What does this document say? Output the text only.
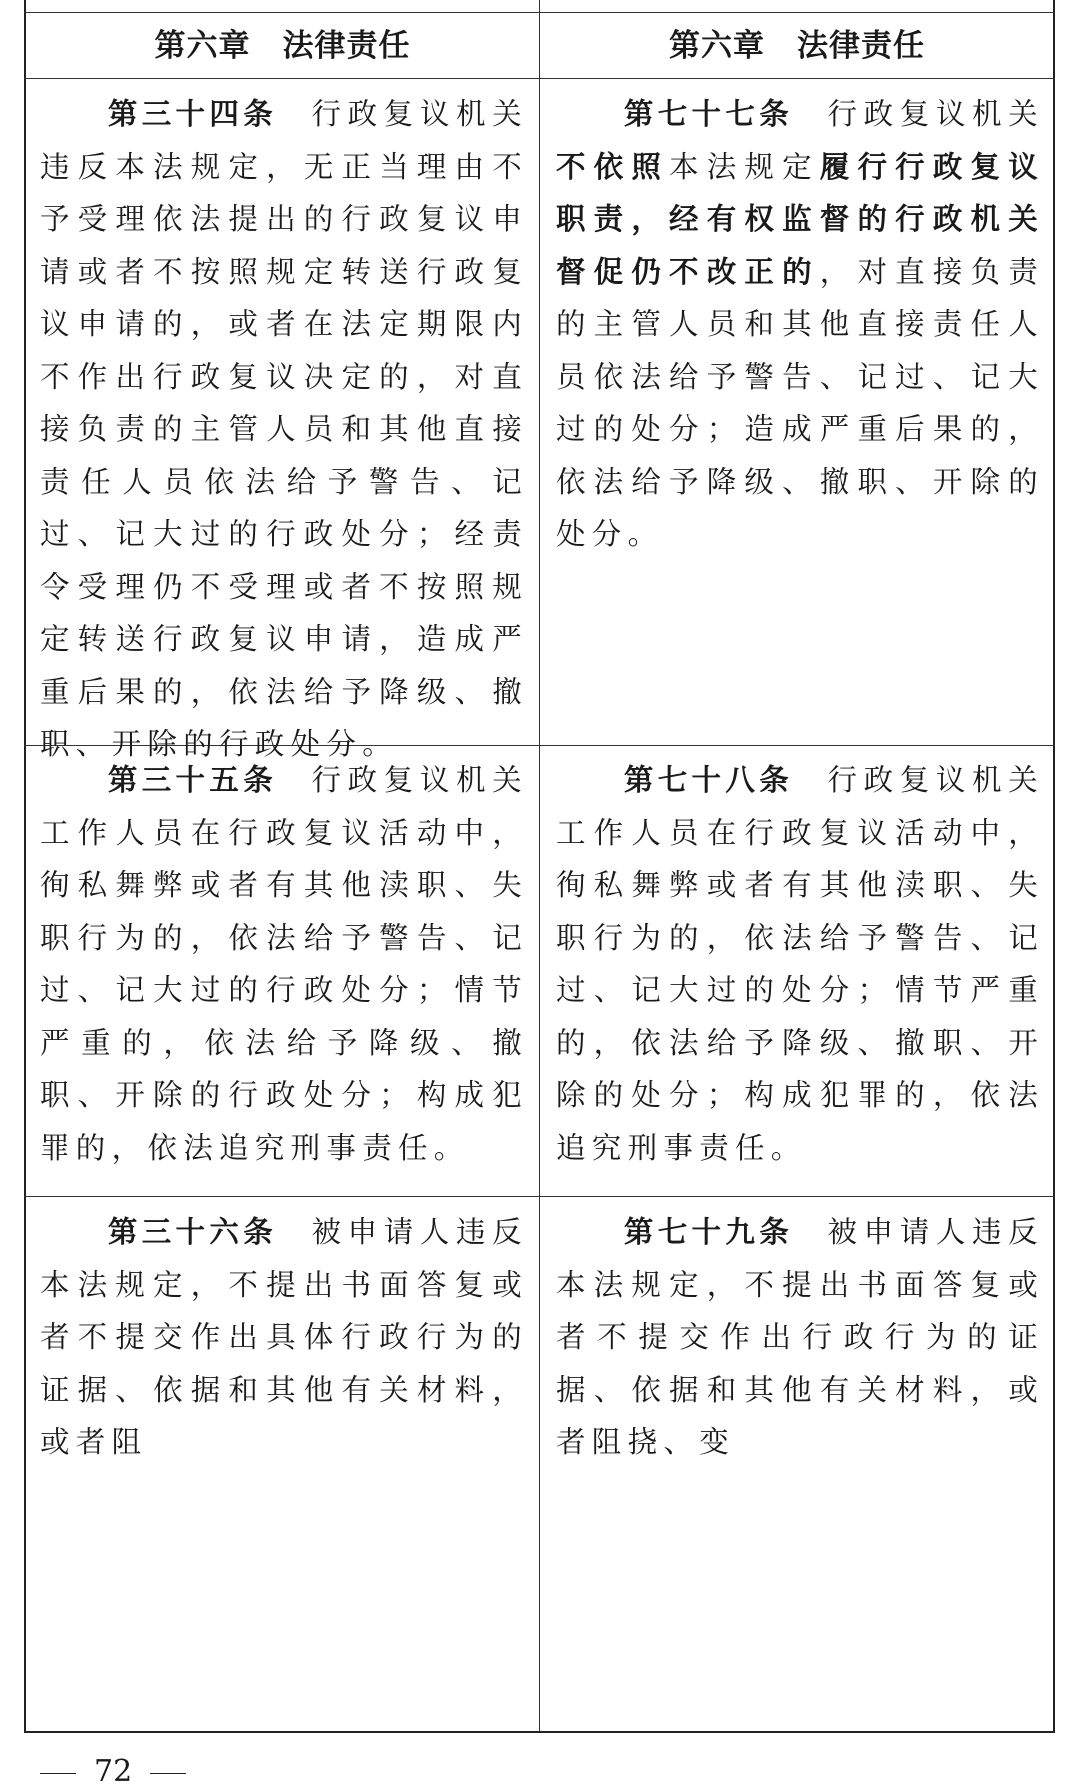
第六章　法律责任	第六章　法律责任
第三十四条 行政复议机关违反本法规定，无正当理由不予受理依法提出的行政复议申请或者不按照规定转送行政复议申请的，或者在法定期限内不作出行政复议决定的，对直接负责的主管人员和其他直接责任人员依法给予警告、记过、记大过的行政处分；经责令受理仍不受理或者不按照规定转送行政复议申请，造成严重后果的，依法给予降级、撤职、开除的行政处分。
第七十七条 行政复议机关不依照本法规定履行行政复议职责，经有权监督的行政机关督促仍不改正的，对直接负责的主管人员和其他直接责任人员依法给予警告、记过、记大过的处分；造成严重后果的，依法给予降级、撤职、开除的处分。
第三十五条 行政复议机关工作人员在行政复议活动中，徇私舞弊或者有其他渎职、失职行为的，依法给予警告、记过、记大过的行政处分；情节严重的，依法给予降级、撤职、开除的行政处分；构成犯罪的，依法追究刑事责任。
第七十八条 行政复议机关工作人员在行政复议活动中，徇私舞弊或者有其他渎职、失职行为的，依法给予警告、记过、记大过的处分；情节严重的，依法给予降级、撤职、开除的处分；构成犯罪的，依法追究刑事责任。
第三十六条 被申请人违反本法规定，不提出书面答复或者不提交作出具体行政行为的证据、依据和其他有关材料，或者阻
第七十九条 被申请人违反本法规定，不提出书面答复或者不提交作出行政行为的证据、依据和其他有关材料，或者阻挠、变
72
